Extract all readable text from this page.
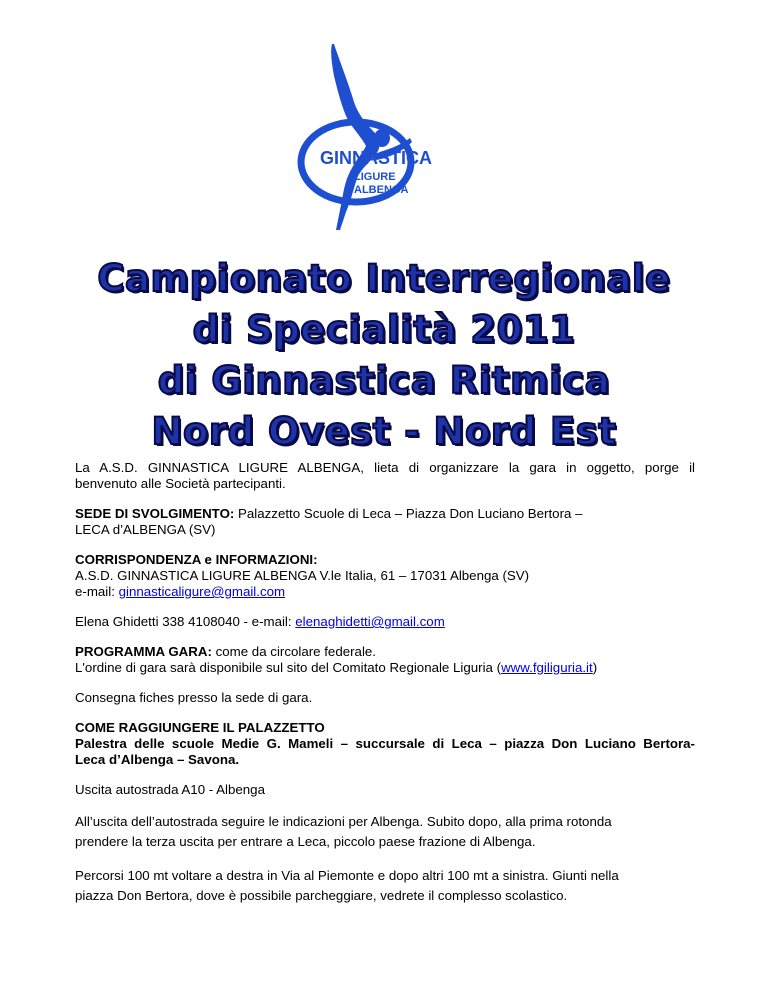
GINNASTICA
LIGURE
ALBENGA
Campionato Interregionale
di Specialità 2011
di Ginnastica Ritmica
Nord Ovest - Nord Est

La A.S.D. GINNASTICA LIGURE ALBENGA, lieta di organizzare la gara in oggetto, porge il
benvenuto alle Società partecipanti.

SEDE DI SVOLGIMENTO: Palazzetto Scuole di Leca – Piazza Don Luciano Bertora –
LECA d’ALBENGA (SV)

CORRISPONDENZA e INFORMAZIONI:
A.S.D. GINNASTICA LIGURE ALBENGA V.le Italia, 61 – 17031 Albenga (SV)
e-mail: ginnasticaligure@gmail.com

Elena Ghidetti 338 4108040 - e-mail: elenaghidetti@gmail.com

PROGRAMMA GARA: come da circolare federale.
L'ordine di gara sarà disponibile sul sito del Comitato Regionale Liguria (www.fgiliguria.it)

Consegna fiches presso la sede di gara.

COME RAGGIUNGERE IL PALAZZETTO

Palestra delle scuole Medie G. Mameli – succursale di Leca – piazza Don Luciano Bertora-
Leca d’Albenga – Savona.

Uscita autostrada A10 - Albenga

All’uscita dell’autostrada seguire le indicazioni per Albenga. Subito dopo, alla prima rotonda
prendere la terza uscita per entrare a Leca, piccolo paese frazione di Albenga.

Percorsi 100 mt voltare a destra in Via al Piemonte e dopo altri 100 mt a sinistra. Giunti nella
piazza Don Bertora, dove è possibile parcheggiare, vedrete il complesso scolastico.
